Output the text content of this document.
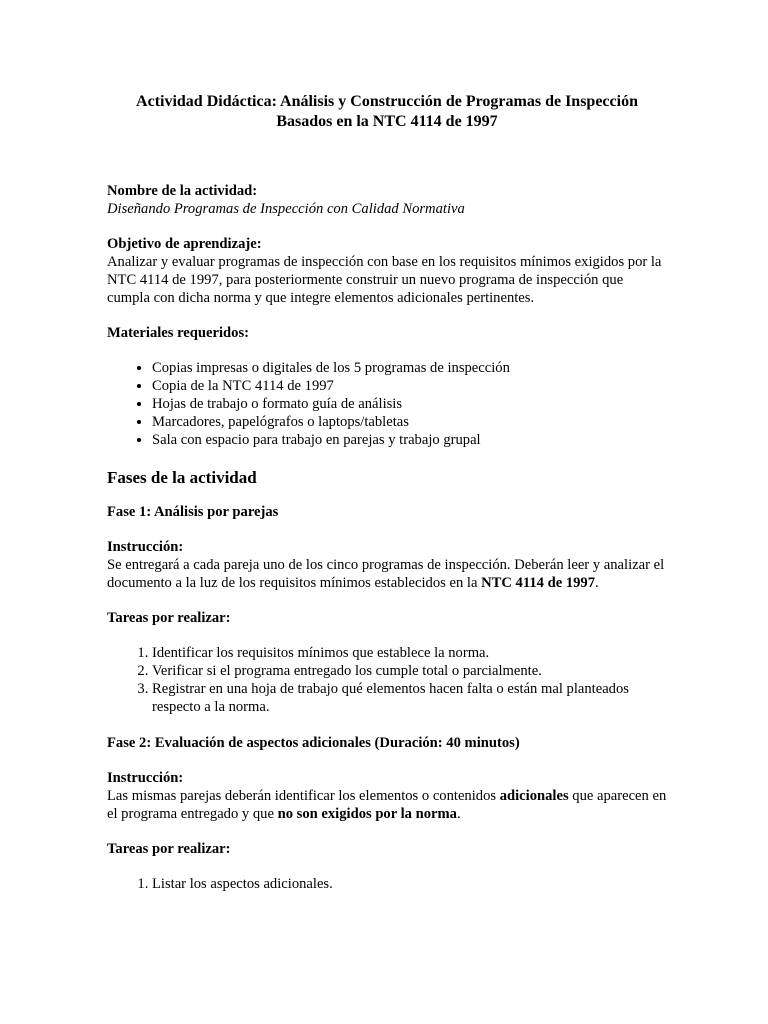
Actividad Didáctica: Análisis y Construcción de Programas de Inspección
Basados en la NTC 4114 de 1997
Nombre de la actividad:
Diseñando Programas de Inspección con Calidad Normativa
Objetivo de aprendizaje:

Analizar y evaluar programas de inspección con base en los requisitos mínimos exigidos por la NTC 4114 de 1997, para posteriormente construir un nuevo programa de inspección que cumpla con dicha norma y que integre elementos adicionales pertinentes.

Materiales requeridos:
• Copias impresas o digitales de los 5 programas de inspección
• Copia de la NTC 4114 de 1997
• Hojas de trabajo o formato guía de análisis
• Marcadores, papelógrafos o laptops/tabletas
• Sala con espacio para trabajo en parejas y trabajo grupal
Fases de la actividad
Fase 1: Análisis por parejas
Instrucción:

Se entregará a cada pareja uno de los cinco programas de inspección. Deberán leer y analizar el documento a la luz de los requisitos mínimos establecidos en la NTC 4114 de 1997.

Tareas por realizar:
1. Identificar los requisitos mínimos que establece la norma.
2. Verificar si el programa entregado los cumple total o parcialmente.
3. Registrar en una hoja de trabajo qué elementos hacen falta o están mal planteados respecto a la norma.
Fase 2: Evaluación de aspectos adicionales (Duración: 40 minutos)
Instrucción:

Las mismas parejas deberán identificar los elementos o contenidos adicionales que aparecen en el programa entregado y que no son exigidos por la norma.

Tareas por realizar:
1. Listar los aspectos adicionales.
